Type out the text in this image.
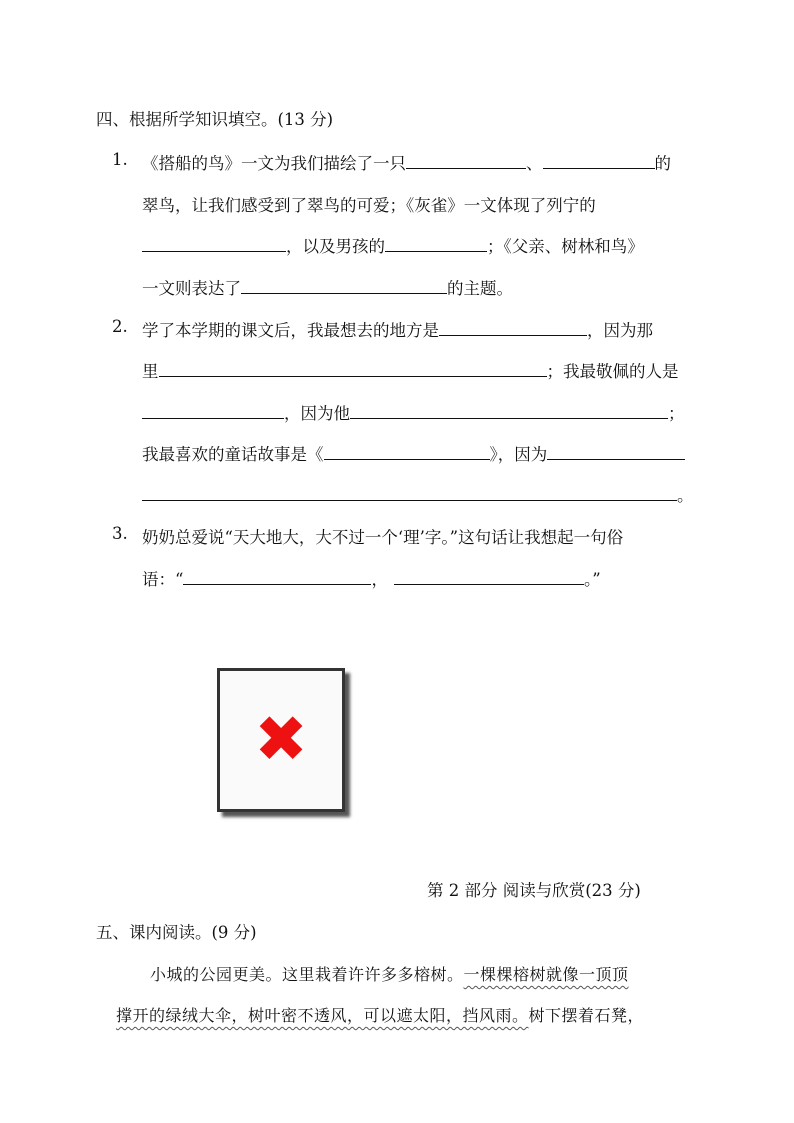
四、根据所学知识填空。(13 分)
1. 《搭船的鸟》一文为我们描绘了一只	、	的
翠鸟，让我们感受到了翠鸟的可爱；《灰雀》一文体现了列宁的
，以及男孩的	；《父亲、树林和鸟》
一文则表达了	的主题。
2. 学了本学期的课文后，我最想去的地方是	，因为那
里	；我最敬佩的人是
，因为他	；
我最喜欢的童话故事是《	》，因为
。
3. 奶奶总爱说“天大地大，大不过一个‘理’字。”这句话让我想起一句俗
语：“	，	。”
✖
第 2 部分 阅读与欣赏(23 分)
五、课内阅读。(9 分)
小城的公园更美。这里栽着许许多多榕树。一棵棵榕树就像一顶顶
撑开的绿绒大伞，树叶密不透风，可以遮太阳，挡风雨。树下摆着石凳，
